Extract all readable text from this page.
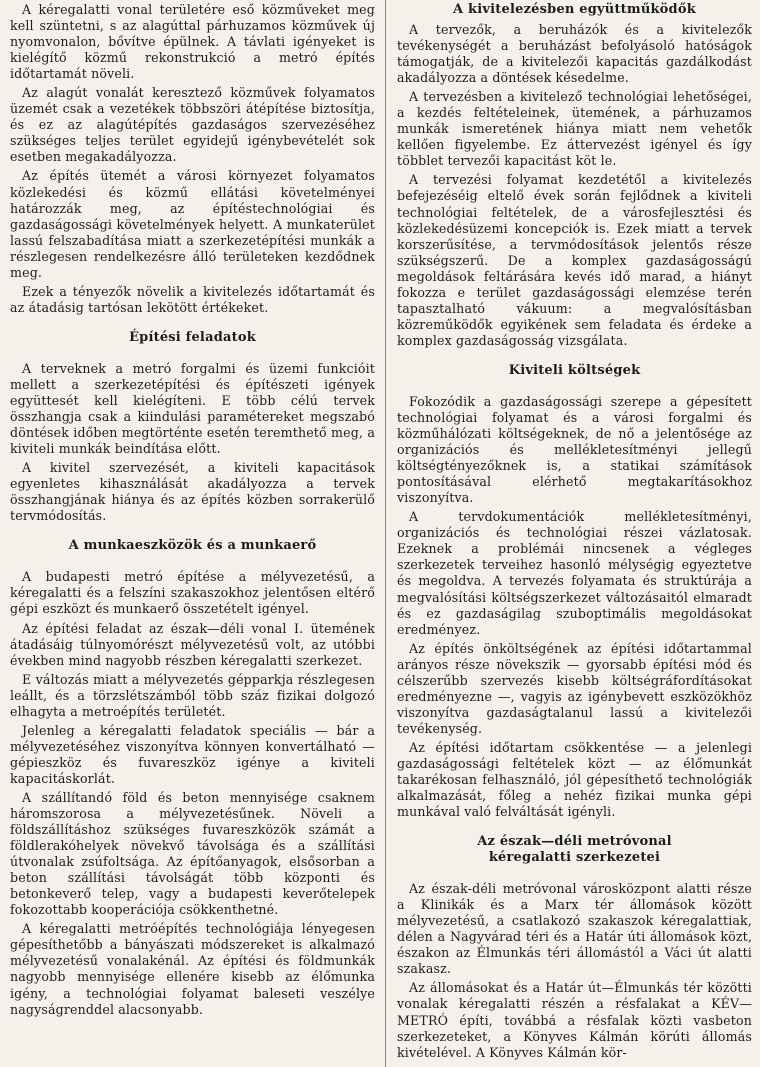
A kéregalatti vonal területére eső közműveket meg kell szüntetni, s az alagúttal párhuzamos közművek új nyomvonalon, bővítve épülnek. A távlati igényeket is kielégítő közmű rekonstrukció a metró építés időtartamát növeli.

Az alagút vonalát keresztező közművek folyamatos üzemét csak a vezetékek többszöri átépítése biztosítja, és ez az alagútépítés gazdaságos szervezéséhez szükséges teljes terület egyidejű igénybevételét sok esetben megakadályozza.

Az építés ütemét a városi környezet folyamatos közlekedési és közmű ellátási követelményei határozzák meg, az építéstechnológiai és gazdaságossági követelmények helyett. A munkaterület lassú felszabadítása miatt a szerkezetépítési munkák a részlegesen rendelkezésre álló területeken kezdődnek meg.

Ezek a tényezők növelik a kivitelezés időtartamát és az átadásig tartósan lekötött értékeket.

Építési feladatok

A terveknek a metró forgalmi és üzemi funkcióit mellett a szerkezetépítési és építészeti igények együttesét kell kielégíteni. E több célú tervek összhangja csak a kiindulási paramétereket megszabó döntések időben megtörténte esetén teremthető meg, a kiviteli munkák beindítása előtt.

A kivitel szervezését, a kiviteli kapacitások egyenletes kihasználását akadályozza a tervek összhangjának hiánya és az építés közben sorrakerülő tervmódosítás.

A munkaeszközök és a munkaerő

A budapesti metró építése a mélyvezetésű, a kéregalatti és a felszíni szakaszokhoz jelentősen eltérő gépi eszközt és munkaerő összetételt igényel.

Az építési feladat az észak—déli vonal I. ütemének átadásáig túlnyomórészt mélyvezetésű volt, az utóbbi években mind nagyobb részben kéregalatti szerkezet.

E változás miatt a mélyvezetés gépparkja részlegesen leállt, és a törzslétszámból több száz fizikai dolgozó elhagyta a metroépítés területét.

Jelenleg a kéregalatti feladatok speciális — bár a mélyvezetéséhez viszonyítva könnyen konvertálható — gépieszköz és fuvareszköz igénye a kiviteli kapacitáskorlát.

A szállítandó föld és beton mennyisége csaknem háromszorosa a mélyvezetésűnek. Növeli a földszállításhoz szükséges fuvareszközök számát a földlerakóhelyek növekvő távolsága és a szállítási útvonalak zsúfoltsága. Az építőanyagok, elsősorban a beton szállítási távolságát több központi és betonkeverő telep, vagy a budapesti keverőtelepek fokozottabb kooperációja csökkenthetné.

A kéregalatti metróépítés technológiája lényegesen gépesíthetőbb a bányászati módszereket is alkalmazó mélyvezetésű vonalakénál. Az építési és földmunkák nagyobb mennyisége ellenére kisebb az élőmunka igény, a technológiai folyamat baleseti veszélye nagyságrenddel alacsonyabb.

A kivitelezésben együttműködők

A tervezők, a beruházók és a kivitelezők tevékenységét a beruházást befolyásoló hatóságok támogatják, de a kivitelezői kapacitás gazdálkodást akadályozza a döntések késedelme.

A tervezésben a kivitelező technológiai lehetőségei, a kezdés feltételeinek, ütemének, a párhuzamos munkák ismeretének hiánya miatt nem vehetők kellően figyelembe. Ez áttervezést igényel és így többlet tervezői kapacitást köt le.

A tervezési folyamat kezdetétől a kivitelezés befejezéséig eltelő évek során fejlődnek a kiviteli technológiai feltételek, de a városfejlesztési és közlekedésüzemi koncepciók is. Ezek miatt a tervek korszerűsítése, a tervmódosítások jelentős része szükségszerű. De a komplex gazdaságosságú megoldások feltárására kevés idő marad, a hiányt fokozza e terület gazdaságossági elemzése terén tapasztalható vákuum: a megvalósításban közreműködők egyikének sem feladata és érdeke a komplex gazdaságosság vizsgálata.

Kiviteli költségek

Fokozódik a gazdaságossági szerepe a gépesített technológiai folyamat és a városi forgalmi és közműhálózati költségeknek, de nő a jelentősége az organizációs és mellékletesítményi jellegű költségtényezőknek is, a statikai számítások pontosításával elérhető megtakarításokhoz viszonyítva.

A tervdokumentációk mellékletesítményi, organizációs és technológiai részei vázlatosak. Ezeknek a problémái nincsenek a végleges szerkezetek terveihez hasonló mélységig egyeztetve és megoldva. A tervezés folyamata és struktúrája a megvalósítási költségszerkezet változásaitól elmaradt és ez gazdaságilag szuboptimális megoldásokat eredményez.

Az építés önköltségének az építési időtartammal arányos része növekszik — gyorsabb építési mód és célszerűbb szervezés kisebb költségráfordításokat eredményezne —, vagyis az igénybevett eszközökhöz viszonyítva gazdaságtalanul lassú a kivitelezői tevékenység.

Az építési időtartam csökkentése — a jelenlegi gazdaságossági feltételek közt — az élőmunkát takarékosan felhasználó, jól gépesíthető technológiák alkalmazását, főleg a nehéz fizikai munka gépi munkával való felváltását igényli.

Az észak—déli metróvonal
kéregalatti szerkezetei

Az észak-déli metróvonal városközpont alatti része a Klinikák és a Marx tér állomások között mélyvezetésű, a csatlakozó szakaszok kéregalattiak, délen a Nagyvárad téri és a Határ úti állomások közt, északon az Élmunkás téri állomástól a Váci út alatti szakasz.

Az állomásokat és a Határ út—Élmunkás tér közötti vonalak kéregalatti részén a résfalakat a KÉV—METRÓ építi, továbbá a résfalak közti vasbeton szerkezeteket, a Könyves Kálmán körúti állomás kivételével. A Könyves Kálmán kör-
